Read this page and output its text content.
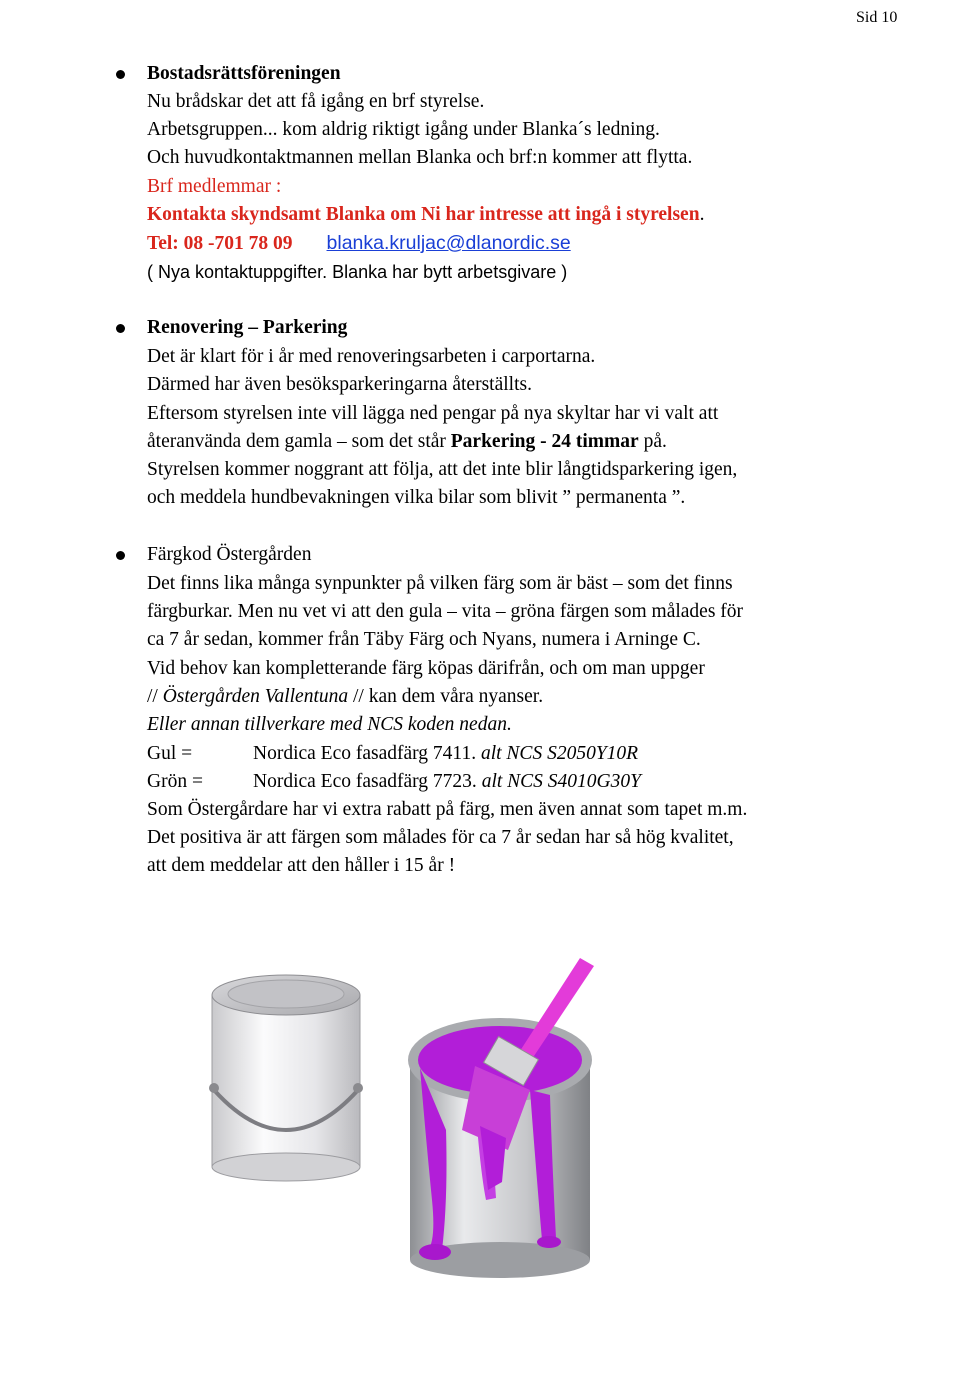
Sid 10
Bostadsrättsföreningen
Nu brådskar det att få igång en brf styrelse.
Arbetsgruppen... kom aldrig riktigt igång under Blanka´s ledning.
Och huvudkontaktmannen mellan Blanka och brf:n kommer att flytta.
Brf medlemmar :
Kontakta skyndsamt Blanka om Ni har intresse att ingå i styrelsen.
Tel: 08 -701 78 09 blanka.kruljac@dlanordic.se
( Nya kontaktuppgifter. Blanka har bytt arbetsgivare )
Renovering – Parkering
Det är klart för i år med renoveringsarbeten i carportarna.
Därmed har även besöksparkeringarna återställts.
Eftersom styrelsen inte vill lägga ned pengar på nya skyltar har vi valt att
återanvända dem gamla – som det står Parkering - 24 timmar på.
Styrelsen kommer noggrant att följa, att det inte blir långtidsparkering igen,
och meddela hundbevakningen vilka bilar som blivit ” permanenta ”.
Färgkod Östergården
Det finns lika många synpunkter på vilken färg som är bäst – som det finns
färgburkar. Men nu vet vi att den gula – vita – gröna färgen som målades för
ca 7 år sedan, kommer från Täby Färg och Nyans, numera i Arninge C.
Vid behov kan kompletterande färg köpas därifrån, och om man uppger
// Östergården Vallentuna // kan dem våra nyanser.
Eller annan tillverkare med NCS koden nedan.
Gul =	Nordica Eco fasadfärg 7411. alt NCS S2050Y10R
Grön =	Nordica Eco fasadfärg 7723. alt NCS S4010G30Y
Som Östergårdare har vi extra rabatt på färg, men även annat som tapet m.m.
Det positiva är att färgen som målades för ca 7 år sedan har så hög kvalitet,
att dem meddelar att den håller i 15 år !
